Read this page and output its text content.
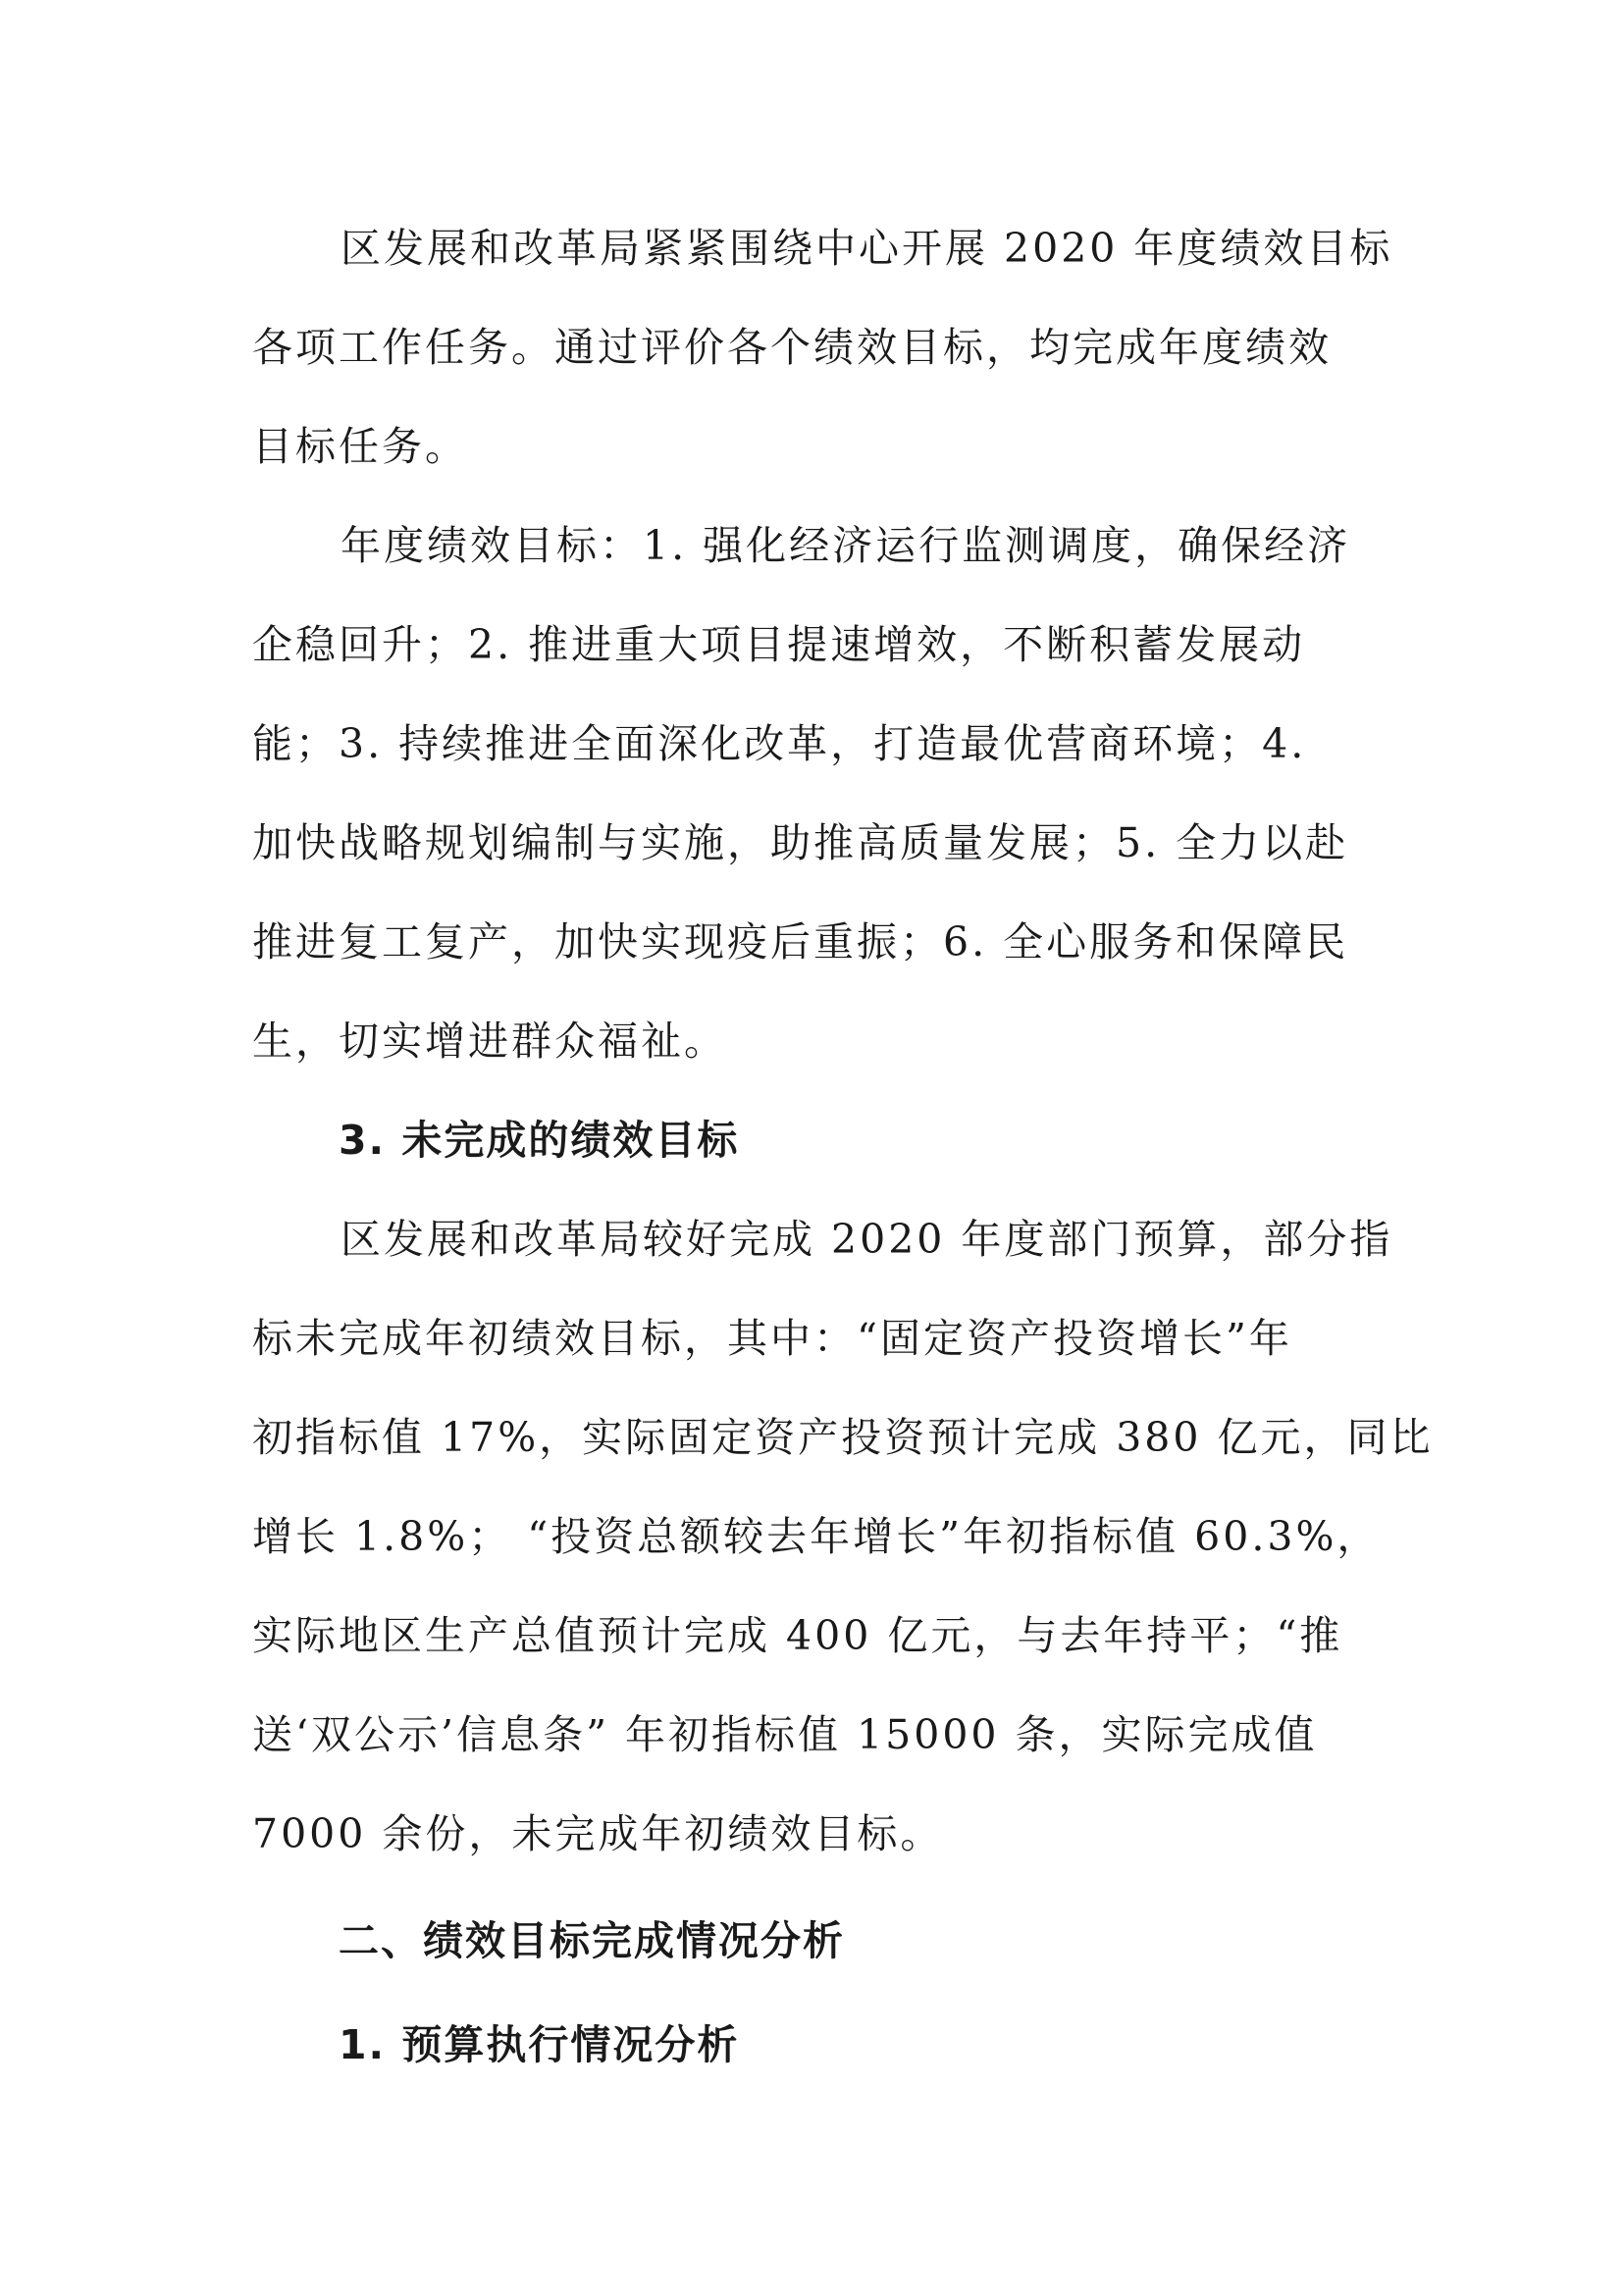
区发展和改革局紧紧围绕中心开展 2020 年度绩效目标
各项工作任务。通过评价各个绩效目标，均完成年度绩效
目标任务。
年度绩效目标：1. 强化经济运行监测调度，确保经济
企稳回升；2. 推进重大项目提速增效，不断积蓄发展动
能；3. 持续推进全面深化改革，打造最优营商环境；4.
加快战略规划编制与实施，助推高质量发展；5. 全力以赴
推进复工复产，加快实现疫后重振；6. 全心服务和保障民
生，切实增进群众福祉。
3. 未完成的绩效目标
区发展和改革局较好完成 2020 年度部门预算，部分指
标未完成年初绩效目标，其中：“固定资产投资增长”年
初指标值 17%，实际固定资产投资预计完成 380 亿元，同比
增长 1.8%； “投资总额较去年增长”年初指标值 60.3%，
实际地区生产总值预计完成 400 亿元，与去年持平；“推
送‘双公示’信息条” 年初指标值 15000 条，实际完成值
7000 余份，未完成年初绩效目标。
二、绩效目标完成情况分析
1. 预算执行情况分析
